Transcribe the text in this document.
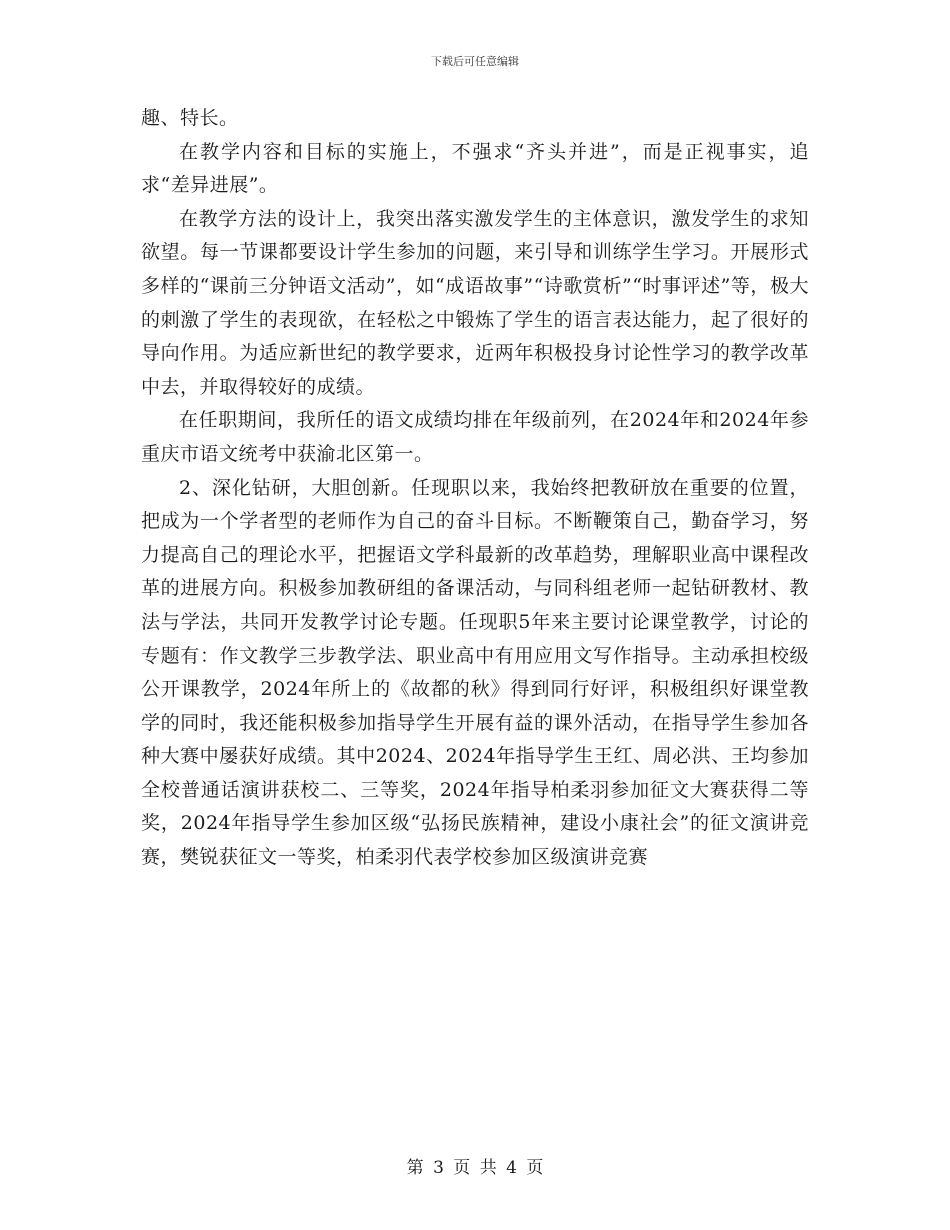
下载后可任意编辑

趣、特长。

在教学内容和目标的实施上，不强求“齐头并进”，而是正视事实，追求“差异进展”。

在教学方法的设计上，我突出落实激发学生的主体意识，激发学生的求知欲望。每一节课都要设计学生参加的问题，来引导和训练学生学习。开展形式多样的“课前三分钟语文活动”，如“成语故事”“诗歌赏析”“时事评述”等，极大的刺激了学生的表现欲，在轻松之中锻炼了学生的语言表达能力，起了很好的导向作用。为适应新世纪的教学要求，近两年积极投身讨论性学习的教学改革中去，并取得较好的成绩。

在任职期间，我所任的语文成绩均排在年级前列，在2024年和2024年参重庆市语文统考中获渝北区第一。

2、深化钻研，大胆创新。任现职以来，我始终把教研放在重要的位置，把成为一个学者型的老师作为自己的奋斗目标。不断鞭策自己，勤奋学习，努力提高自己的理论水平，把握语文学科最新的改革趋势，理解职业高中课程改革的进展方向。积极参加教研组的备课活动，与同科组老师一起钻研教材、教法与学法，共同开发教学讨论专题。任现职5年来主要讨论课堂教学，讨论的专题有：作文教学三步教学法、职业高中有用应用文写作指导。主动承担校级公开课教学，2024年所上的《故都的秋》得到同行好评，积极组织好课堂教学的同时，我还能积极参加指导学生开展有益的课外活动，在指导学生参加各种大赛中屡获好成绩。其中2024、2024年指导学生王红、周必洪、王均参加全校普通话演讲获校二、三等奖，2024年指导柏柔羽参加征文大赛获得二等奖，2024年指导学生参加区级“弘扬民族精神，建设小康社会”的征文演讲竞赛，樊锐获征文一等奖，柏柔羽代表学校参加区级演讲竞赛

第 3 页 共 4 页
